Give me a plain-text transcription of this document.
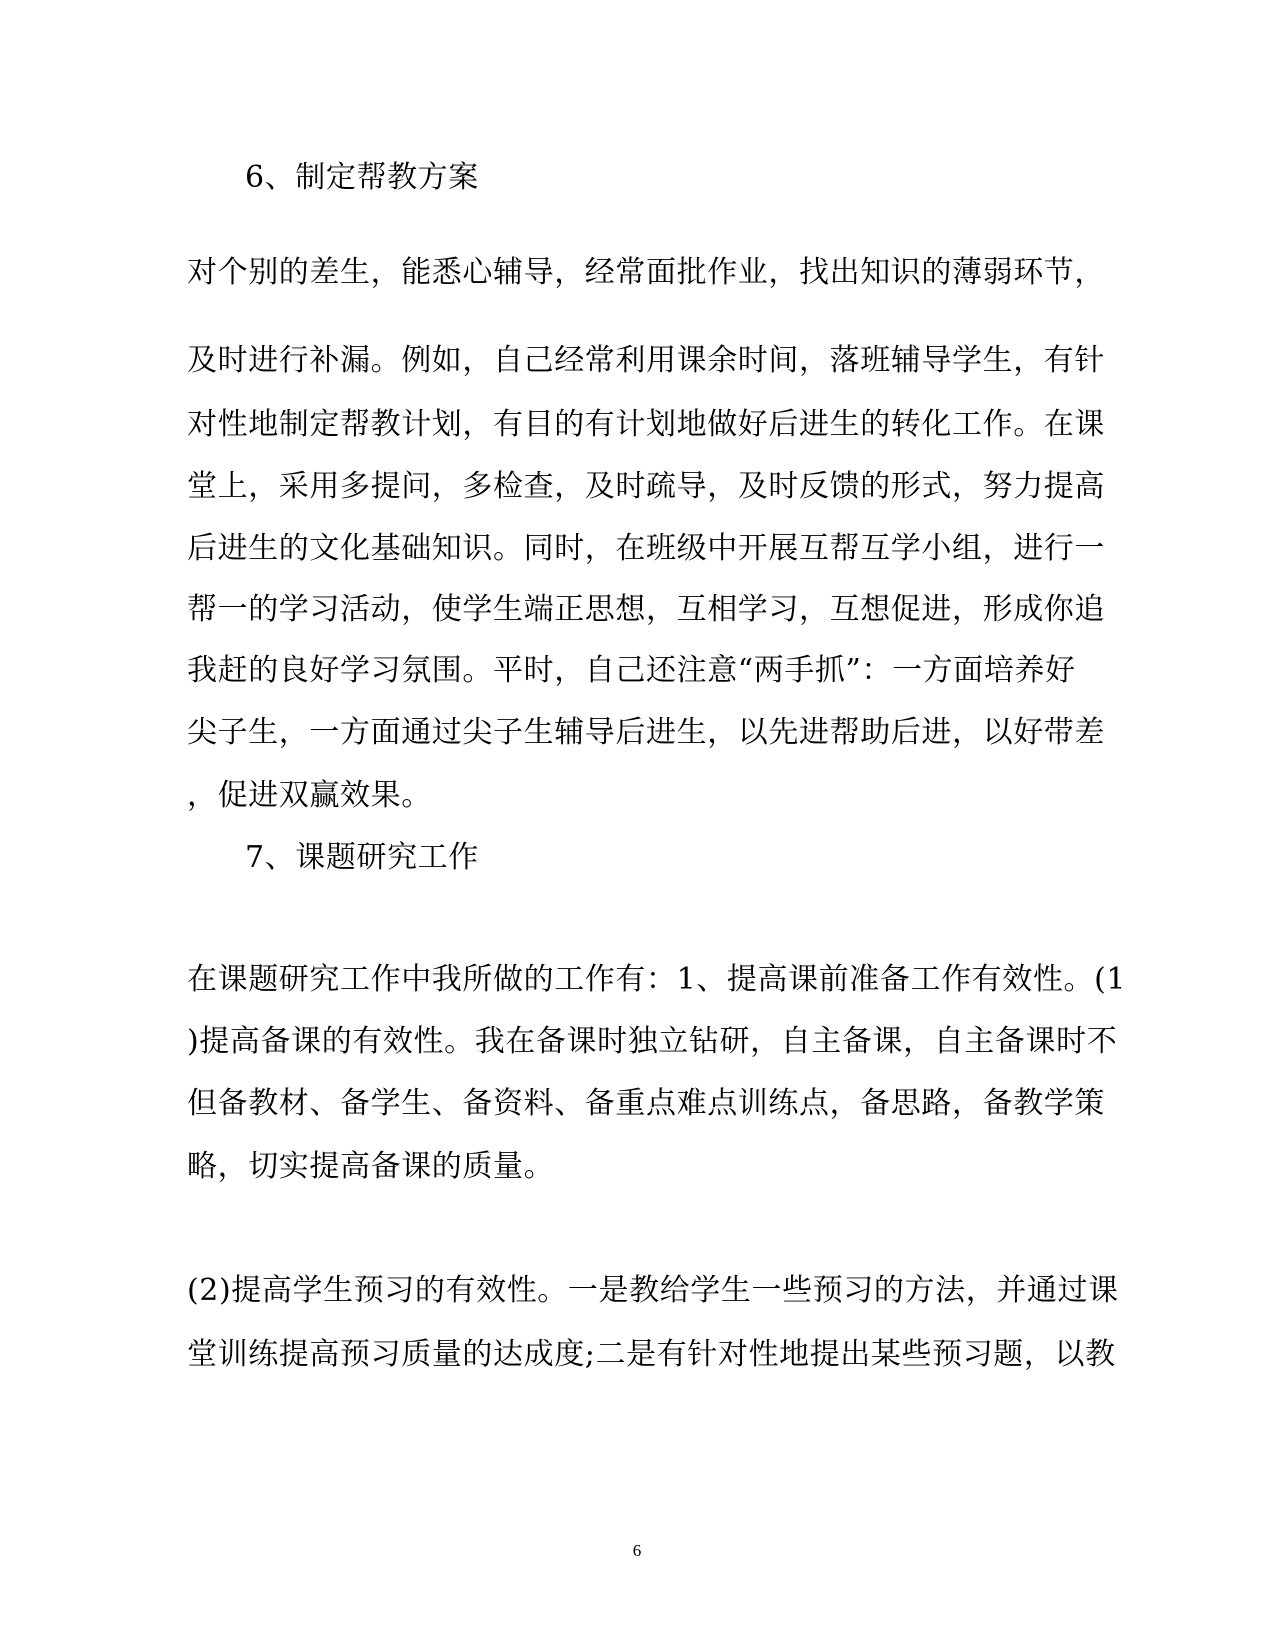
6、制定帮教方案
对个别的差生，能悉心辅导，经常面批作业，找出知识的薄弱环节，
及时进行补漏。例如，自己经常利用课余时间，落班辅导学生，有针
对性地制定帮教计划，有目的有计划地做好后进生的转化工作。在课
堂上，采用多提问，多检查，及时疏导，及时反馈的形式，努力提高
后进生的文化基础知识。同时，在班级中开展互帮互学小组，进行一
帮一的学习活动，使学生端正思想，互相学习，互想促进，形成你追
我赶的良好学习氛围。平时，自己还注意“两手抓”：一方面培养好
尖子生，一方面通过尖子生辅导后进生，以先进帮助后进，以好带差
，促进双赢效果。
7、课题研究工作
在课题研究工作中我所做的工作有：1、提高课前准备工作有效性。(1
)提高备课的有效性。我在备课时独立钻研，自主备课，自主备课时不
但备教材、备学生、备资料、备重点难点训练点，备思路，备教学策
略，切实提高备课的质量。
(2)提高学生预习的有效性。一是教给学生一些预习的方法，并通过课
堂训练提高预习质量的达成度;二是有针对性地提出某些预习题，以教
6
